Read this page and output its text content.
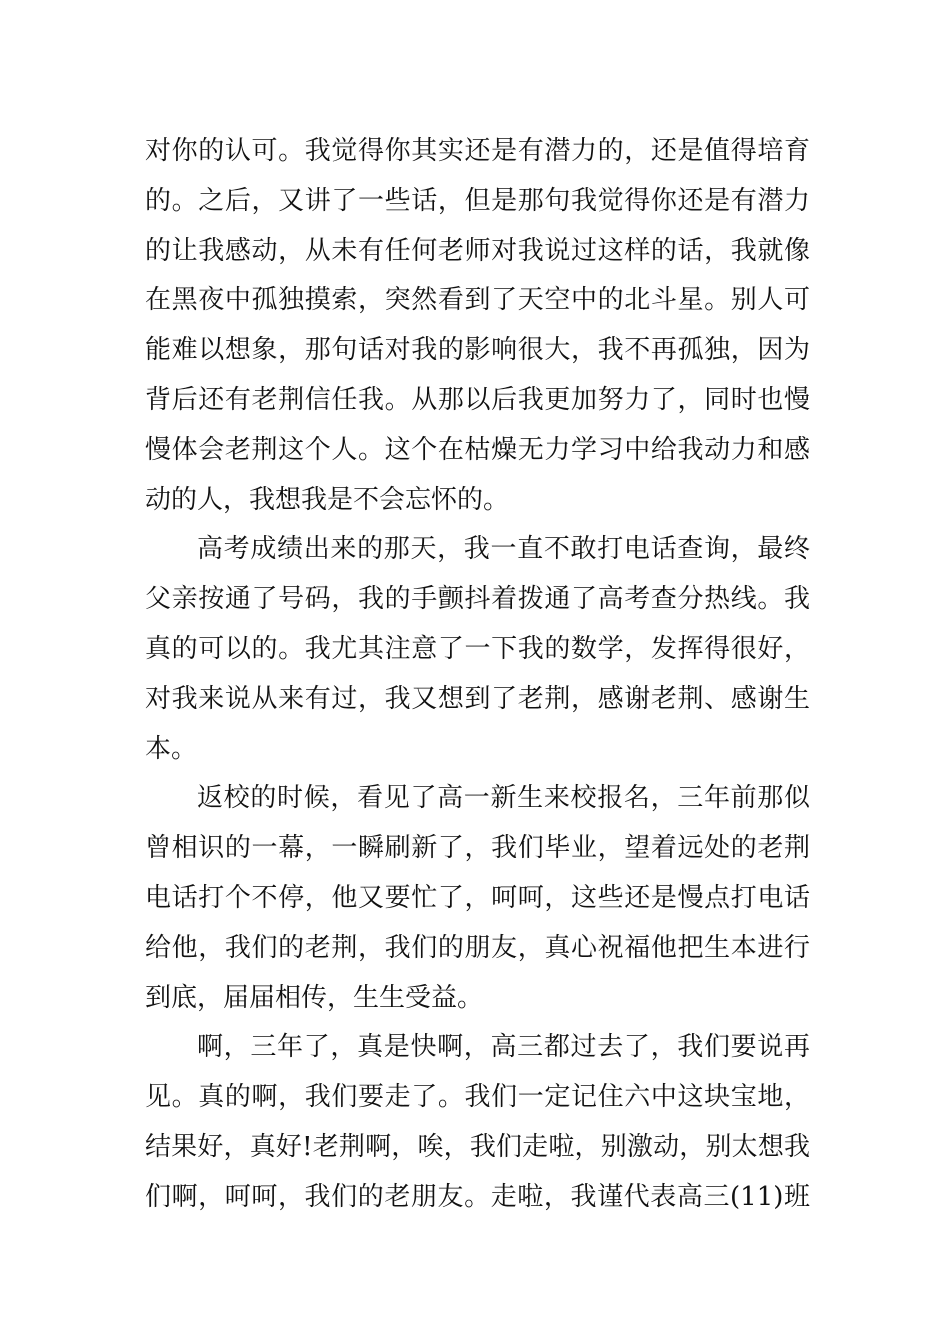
对你的认可。我觉得你其实还是有潜力的，还是值得培育
的。之后，又讲了一些话，但是那句我觉得你还是有潜力
的让我感动，从未有任何老师对我说过这样的话，我就像
在黑夜中孤独摸索，突然看到了天空中的北斗星。别人可
能难以想象，那句话对我的影响很大，我不再孤独，因为
背后还有老荆信任我。从那以后我更加努力了，同时也慢
慢体会老荆这个人。这个在枯燥无力学习中给我动力和感
动的人，我想我是不会忘怀的。
高考成绩出来的那天，我一直不敢打电话查询，最终
父亲按通了号码，我的手颤抖着拨通了高考查分热线。我
真的可以的。我尤其注意了一下我的数学，发挥得很好，
对我来说从来有过，我又想到了老荆，感谢老荆、感谢生
本。
返校的时候，看见了高一新生来校报名，三年前那似
曾相识的一幕，一瞬刷新了，我们毕业，望着远处的老荆
电话打个不停，他又要忙了，呵呵，这些还是慢点打电话
给他，我们的老荆，我们的朋友，真心祝福他把生本进行
到底，届届相传，生生受益。
啊，三年了，真是快啊，高三都过去了，我们要说再
见。真的啊，我们要走了。我们一定记住六中这块宝地，
结果好，真好!老荆啊，唉，我们走啦，别激动，别太想我
们啊，呵呵，我们的老朋友。走啦，我谨代表高三(11)班
